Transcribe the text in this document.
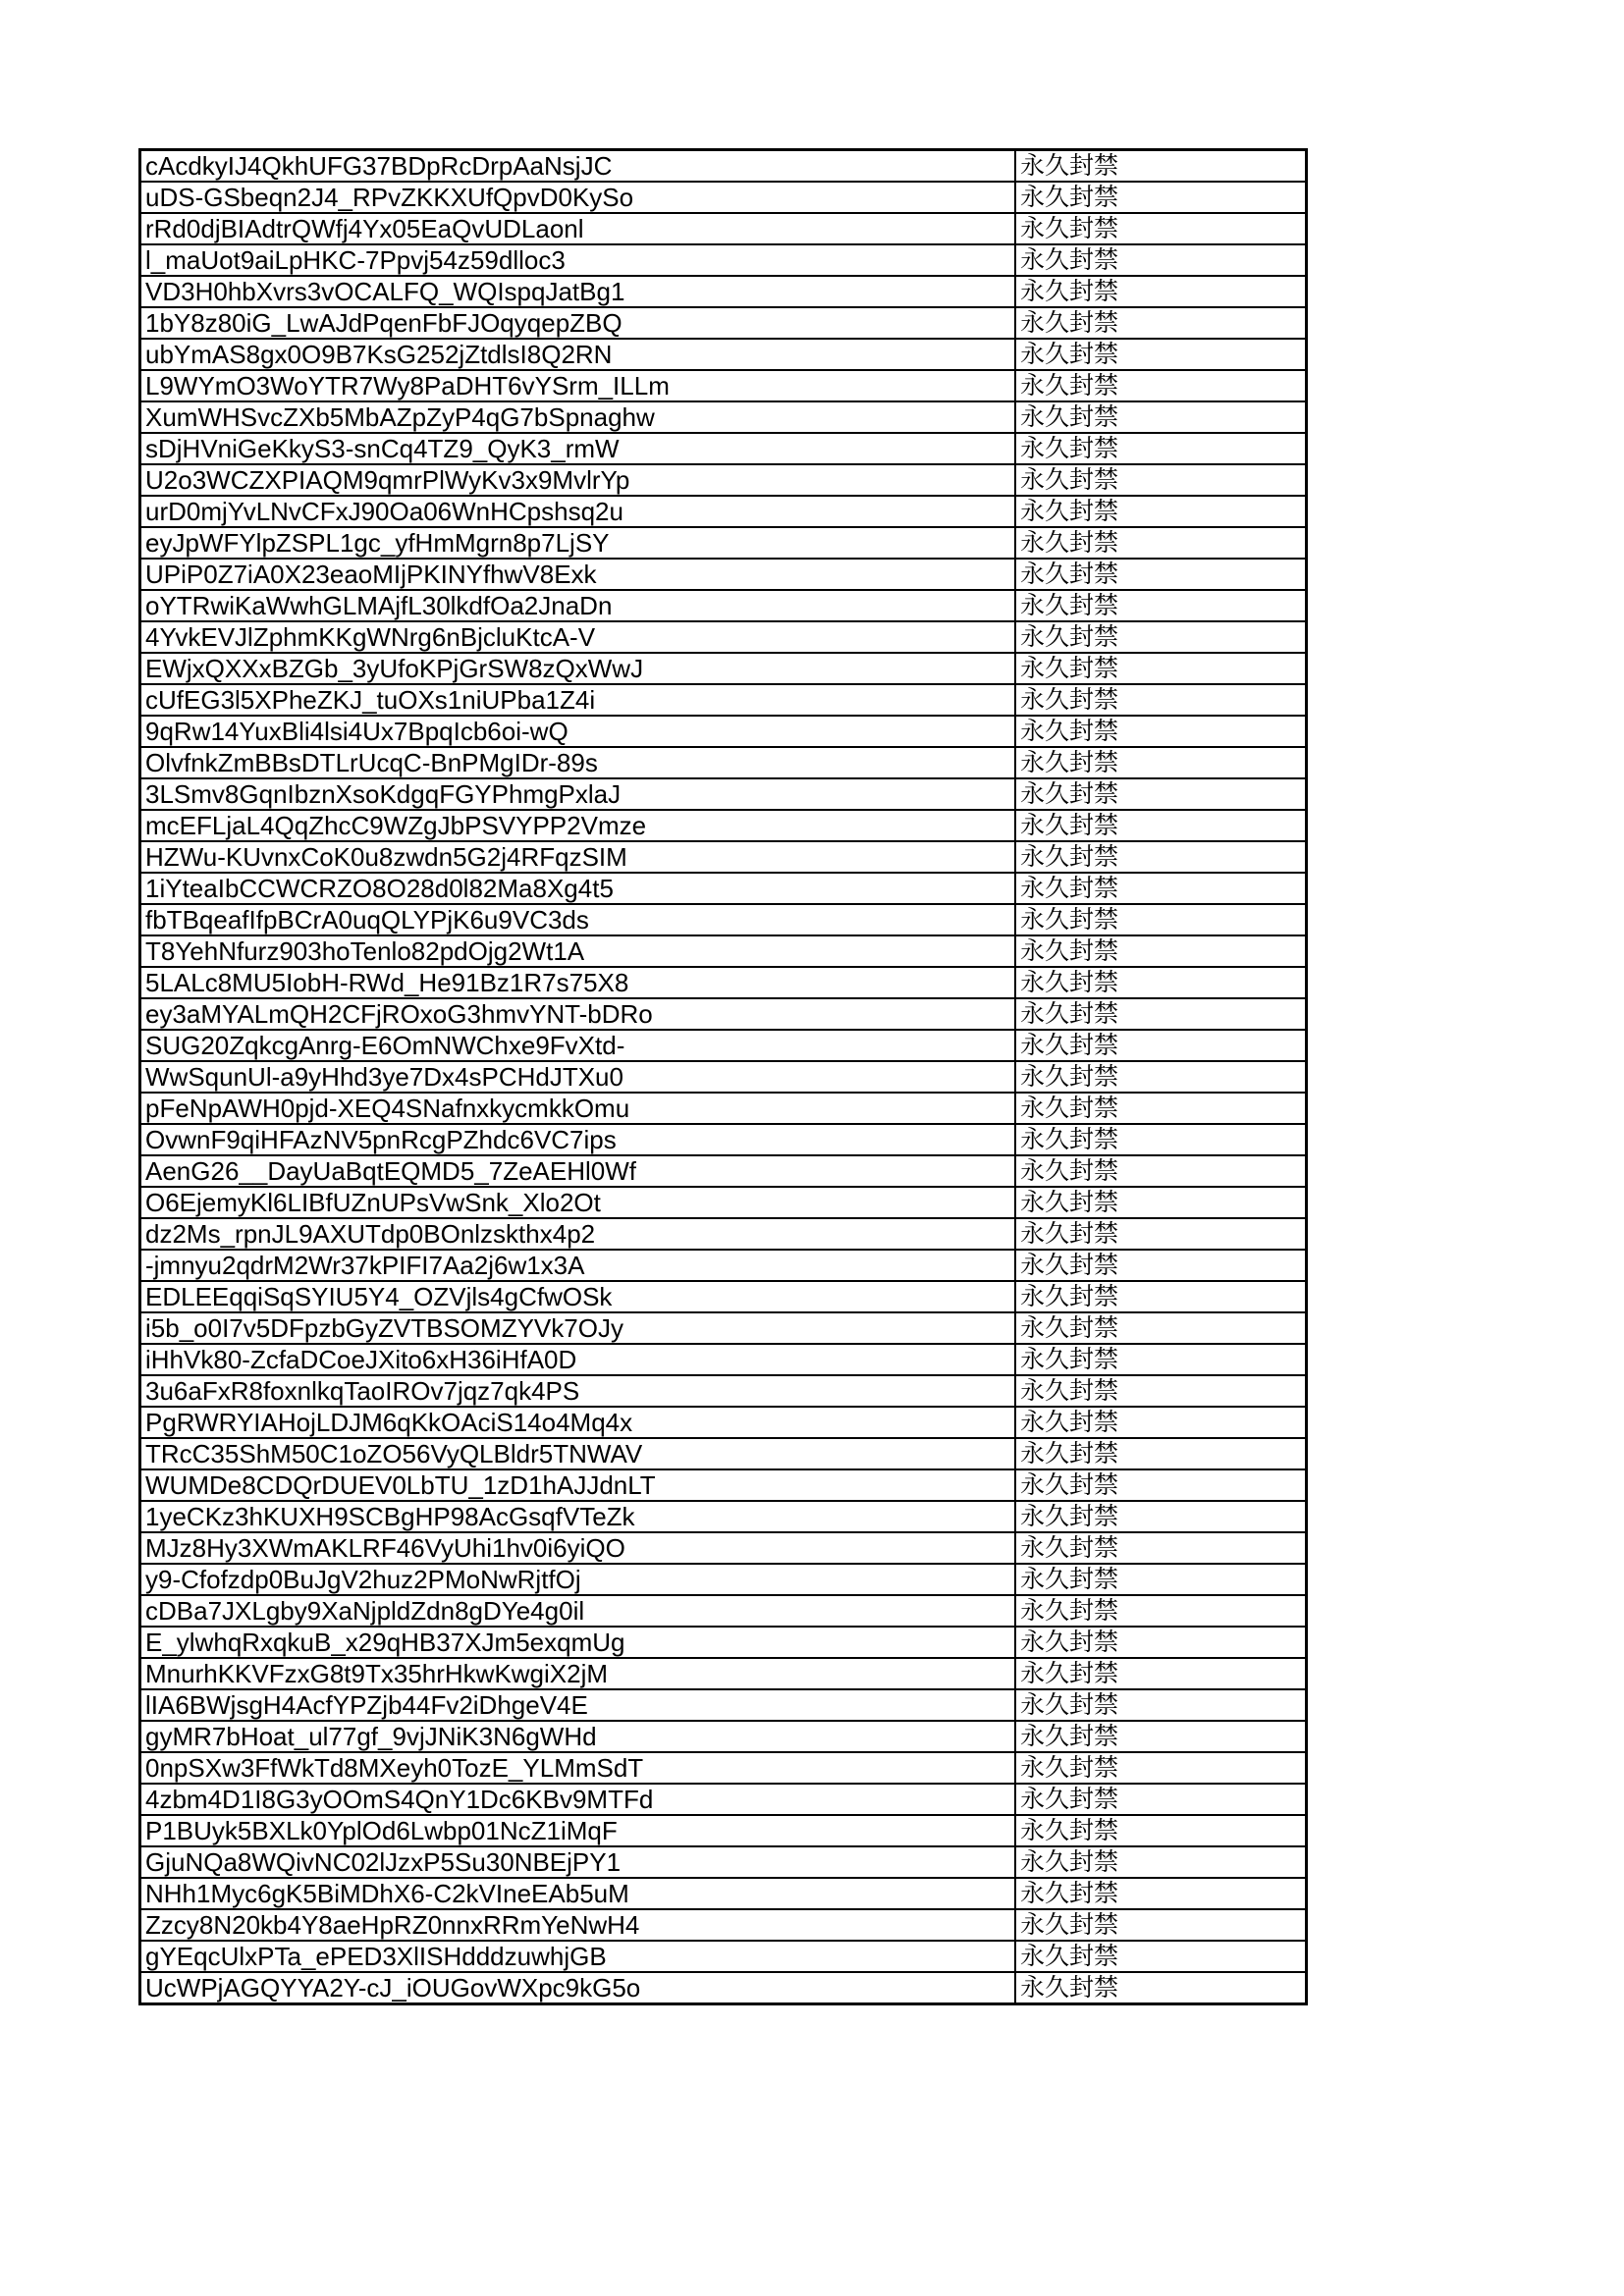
cAcdkyIJ4QkhUFG37BDpRcDrpAaNsjJC	永久封禁
uDS-GSbeqn2J4_RPvZKKXUfQpvD0KySo	永久封禁
rRd0djBIAdtrQWfj4Yx05EaQvUDLaonl	永久封禁
l_maUot9aiLpHKC-7Ppvj54z59dlloc3	永久封禁
VD3H0hbXvrs3vOCALFQ_WQIspqJatBg1	永久封禁
1bY8z80iG_LwAJdPqenFbFJOqyqepZBQ	永久封禁
ubYmAS8gx0O9B7KsG252jZtdlsI8Q2RN	永久封禁
L9WYmO3WoYTR7Wy8PaDHT6vYSrm_ILLm	永久封禁
XumWHSvcZXb5MbAZpZyP4qG7bSpnaghw	永久封禁
sDjHVniGeKkyS3-snCq4TZ9_QyK3_rmW	永久封禁
U2o3WCZXPIAQM9qmrPlWyKv3x9MvlrYp	永久封禁
urD0mjYvLNvCFxJ90Oa06WnHCpshsq2u	永久封禁
eyJpWFYlpZSPL1gc_yfHmMgrn8p7LjSY	永久封禁
UPiP0Z7iA0X23eaoMIjPKINYfhwV8Exk	永久封禁
oYTRwiKaWwhGLMAjfL30lkdfOa2JnaDn	永久封禁
4YvkEVJlZphmKKgWNrg6nBjcluKtcA-V	永久封禁
EWjxQXXxBZGb_3yUfoKPjGrSW8zQxWwJ	永久封禁
cUfEG3l5XPheZKJ_tuOXs1niUPba1Z4i	永久封禁
9qRw14YuxBli4lsi4Ux7BpqIcb6oi-wQ	永久封禁
OlvfnkZmBBsDTLrUcqC-BnPMgIDr-89s	永久封禁
3LSmv8GqnIbznXsoKdgqFGYPhmgPxlaJ	永久封禁
mcEFLjaL4QqZhcC9WZgJbPSVYPP2Vmze	永久封禁
HZWu-KUvnxCoK0u8zwdn5G2j4RFqzSIM	永久封禁
1iYteaIbCCWCRZO8O28d0l82Ma8Xg4t5	永久封禁
fbTBqeafIfpBCrA0uqQLYPjK6u9VC3ds	永久封禁
T8YehNfurz903hoTenlo82pdOjg2Wt1A	永久封禁
5LALc8MU5IobH-RWd_He91Bz1R7s75X8	永久封禁
ey3aMYALmQH2CFjROxoG3hmvYNT-bDRo	永久封禁
SUG20ZqkcgAnrg-E6OmNWChxe9FvXtd-	永久封禁
WwSqunUl-a9yHhd3ye7Dx4sPCHdJTXu0	永久封禁
pFeNpAWH0pjd-XEQ4SNafnxkycmkkOmu	永久封禁
OvwnF9qiHFAzNV5pnRcgPZhdc6VC7ips	永久封禁
AenG26__DayUaBqtEQMD5_7ZeAEHl0Wf	永久封禁
O6EjemyKl6LIBfUZnUPsVwSnk_Xlo2Ot	永久封禁
dz2Ms_rpnJL9AXUTdp0BOnlzskthx4p2	永久封禁
-jmnyu2qdrM2Wr37kPIFI7Aa2j6w1x3A	永久封禁
EDLEEqqiSqSYIU5Y4_OZVjls4gCfwOSk	永久封禁
i5b_o0I7v5DFpzbGyZVTBSOMZYVk7OJy	永久封禁
iHhVk80-ZcfaDCoeJXito6xH36iHfA0D	永久封禁
3u6aFxR8foxnlkqTaoIROv7jqz7qk4PS	永久封禁
PgRWRYIAHojLDJM6qKkOAciS14o4Mq4x	永久封禁
TRcC35ShM50C1oZO56VyQLBldr5TNWAV	永久封禁
WUMDe8CDQrDUEV0LbTU_1zD1hAJJdnLT	永久封禁
1yeCKz3hKUXH9SCBgHP98AcGsqfVTeZk	永久封禁
MJz8Hy3XWmAKLRF46VyUhi1hv0i6yiQO	永久封禁
y9-Cfofzdp0BuJgV2huz2PMoNwRjtfOj	永久封禁
cDBa7JXLgby9XaNjpldZdn8gDYe4g0il	永久封禁
E_ylwhqRxqkuB_x29qHB37XJm5exqmUg	永久封禁
MnurhKKVFzxG8t9Tx35hrHkwKwgiX2jM	永久封禁
lIA6BWjsgH4AcfYPZjb44Fv2iDhgeV4E	永久封禁
gyMR7bHoat_ul77gf_9vjJNiK3N6gWHd	永久封禁
0npSXw3FfWkTd8MXeyh0TozE_YLMmSdT	永久封禁
4zbm4D1I8G3yOOmS4QnY1Dc6KBv9MTFd	永久封禁
P1BUyk5BXLk0YplOd6Lwbp01NcZ1iMqF	永久封禁
GjuNQa8WQivNC02lJzxP5Su30NBEjPY1	永久封禁
NHh1Myc6gK5BiMDhX6-C2kVIneEAb5uM	永久封禁
Zzcy8N20kb4Y8aeHpRZ0nnxRRmYeNwH4	永久封禁
gYEqcUlxPTa_ePED3XlISHdddzuwhjGB	永久封禁
UcWPjAGQYYA2Y-cJ_iOUGovWXpc9kG5o	永久封禁
